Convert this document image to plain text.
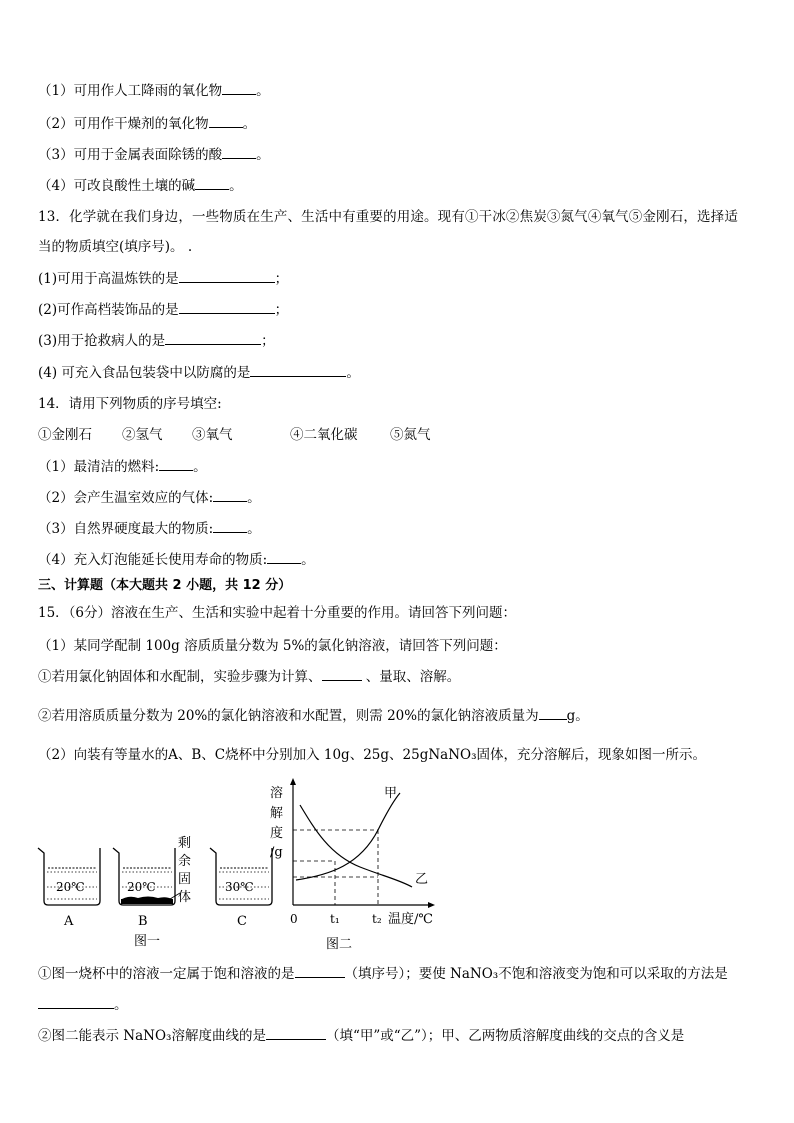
（1）可用作人工降雨的氧化物	。
（2）可用作干燥剂的氧化物	。
（3）可用于金属表面除锈的酸	。
（4）可改良酸性土壤的碱	。
13．化学就在我们身边，一些物质在生产、生活中有重要的用途。现有①干冰②焦炭③氮气④氧气⑤金刚石，选择适
当的物质填空(填序号)。 .
(1)可用于高温炼铁的是	；
(2)可作高档装饰品的是	；
(3)用于抢救病人的是	；
(4) 可充入食品包装袋中以防腐的是	。
14．请用下列物质的序号填空:
①金刚石 ②氢气 ③氧气	④二氧化碳 ⑤氮气
（1）最清洁的燃料:	。
（2）会产生温室效应的气体:	。
（3）自然界硬度最大的物质:	。
（4）充入灯泡能延长使用寿命的物质:	。
三、计算题（本大题共 2 小题，共 12 分）
15．（6分）溶液在生产、生活和实验中起着十分重要的作用。请回答下列问题：
（1）某同学配制 100g 溶质质量分数为 5%的氯化钠溶液，请回答下列问题：
①若用氯化钠固体和水配制，实验步骤为计算、	、量取、溶解。
②若用溶质质量分数为 20%的氯化钠溶液和水配置，则需 20%的氯化钠溶液质量为 g。
（2）向装有等量水的A、B、C烧杯中分别加入 10g、25g、25gNaNO₃固体，充分溶解后，现象如图一所示。
20℃
A
20℃
B
剩
余
固
体
30℃
C
图一
溶
解
度
/g
甲
乙
0	t₁	t₂ 温度/℃
图二
①图一烧杯中的溶液一定属于饱和溶液的是	（填序号）；要使 NaNO₃不饱和溶液变为饱和可以采取的方法是
。
②图二能表示 NaNO₃溶解度曲线的是	（填“甲”或“乙”）；甲、乙两物质溶解度曲线的交点的含义是
